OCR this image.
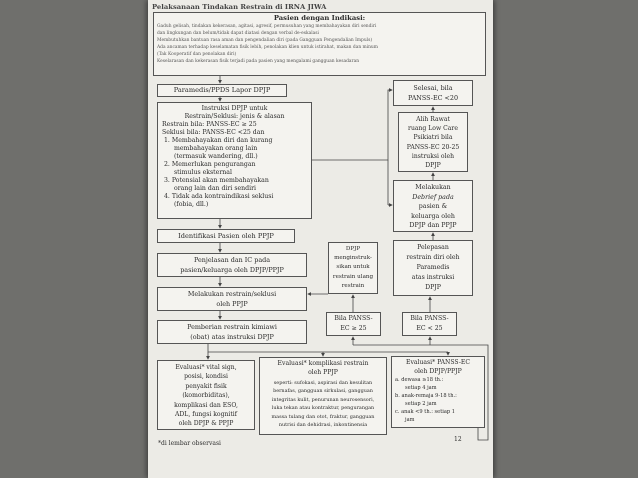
Pelaksanaan Tindakan Restrain di IRNA JIWA
Pasien dengan Indikasi:
Gaduh gelisah, tindakan kekerasan, agitasi, agresif, permusuhan yang membahayakan diri sendiri
dan lingkungan dan belum/tidak dapat diatasi dengan verbal de-eskalasi
Membutuhkan bantuan rasa aman dan pengendalian diri (pada Gangguan Pengendalian Impuls)
Ada ancaman terhadap keselamatan fisik lebih, penolakan klien untuk istirahat, makan dan minum
(Tak Kooperatif dan penolakan diri)
Keselarasan dan kekerasan fisik terjadi pada pasien yang mengalami gangguan kesadaran
Paramedis/PPDS Lapor DPJP
Instruksi DPJP untuk
Restrain/Seklusi: jenis & alasan
Restrain bila: PANSS-EC ≥ 25
Seklusi bila: PANSS-EC <25 dan
1. Membahayakan diri dan kurang
membahayakan orang lain
(termasuk wandering, dll.)
2. Memerlukan pengurangan
stimulus eksternal
3. Potensial akan membahayakan
orang lain dan diri sendiri
4. Tidak ada kontraindikasi seklusi
(fobia, dll.)
Identifikasi Pasien oleh PPJP
Penjelasan dan IC pada
pasien/keluarga oleh DPJP/PPJP
Melakukan restrain/seklusi
oleh PPJP
Pemberian restrain kimiawi
(obat) atas instruksi DPJP
Selesai, bila
PANSS-EC <20
Alih Rawat
ruang Low Care
Psikiatri bila
PANSS-EC 20-25
instruksi oleh
DPJP
Melakukan
Debrief pada
pasien &
keluarga oleh
DPJP dan PPJP
DPJP
menginstruk-
sikan untuk
restrain ulang
restrain
Pelepasan
restrain diri oleh
Paramedis
atas instruksi
DPJP
Bila PANSS-
EC ≥ 25
Bila PANSS-
EC < 25
Evaluasi* vital sign,
posisi, kondisi
penyakit fisik
(komorbiditas),
komplikasi dan ESO,
ADL, fungsi kognitif
oleh DPJP & PPJP
Evaluasi* komplikasi restrain
oleh PPJP
seperti: sufokasi, aspirasi dan kesulitan
bernafas, gangguan sirkulasi, gangguan
integritas kulit, penurunan neurosensori,
luka tekan atau kontraktur, pengurangan
massa tulang dan otot, fraktur, gangguan
nutrisi dan dehidrasi, inkontinensia
Evaluasi* PANSS-EC
oleh DPJP/PPJP
a. dewasa ≥18 th.:
setiap 4 jam
b. anak-remaja 9-18 th.:
setiap 2 jam
c. anak <9 th.: setiap 1
jam
*di lembar observasi
12
